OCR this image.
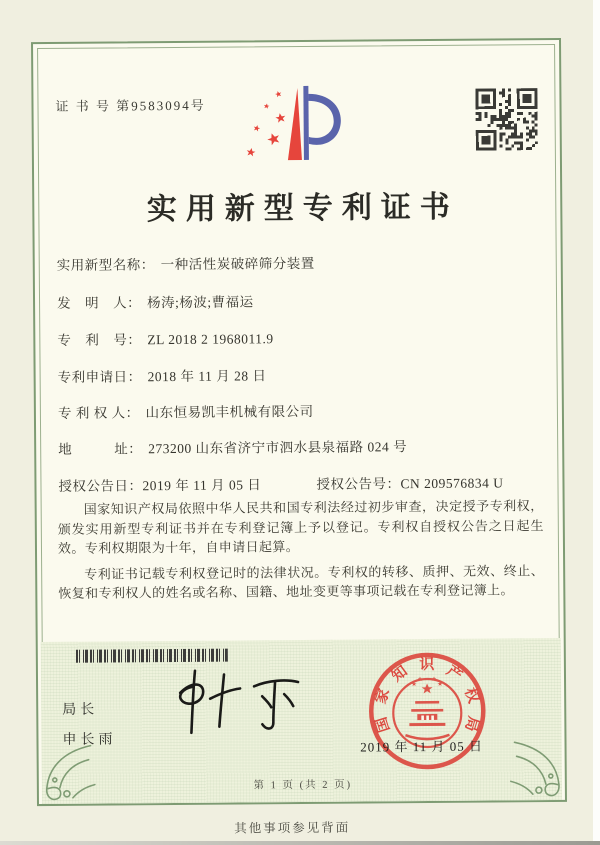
证 书 号 第9583094号
实用新型专利证书
实用新型名称： 一种活性炭破碎筛分装置
发　明　人： 杨涛;杨波;曹福运
专　利　号： ZL 2018 2 1968011.9
专利申请日： 2018 年 11 月 28 日
专 利 权 人： 山东恒易凯丰机械有限公司
地　　　址： 273200 山东省济宁市泗水县泉福路 024 号
授权公告日：2019 年 11 月 05 日	授权公告号：CN 209576834 U

国家知识产权局依照中华人民共和国专利法经过初步审查，决定授予专利权，颁发实用新型专利证书并在专利登记簿上予以登记。专利权自授权公告之日起生效。专利权期限为十年，自申请日起算。

专利证书记载专利权登记时的法律状况。专利权的转移、质押、无效、终止、恢复和专利权人的姓名或名称、国籍、地址变更等事项记载在专利登记簿上。

局长
申长雨
国
家
知 识 产
权
局
2019 年 11 月 05 日
第 1 页 (共 2 页)
其他事项参见背面
